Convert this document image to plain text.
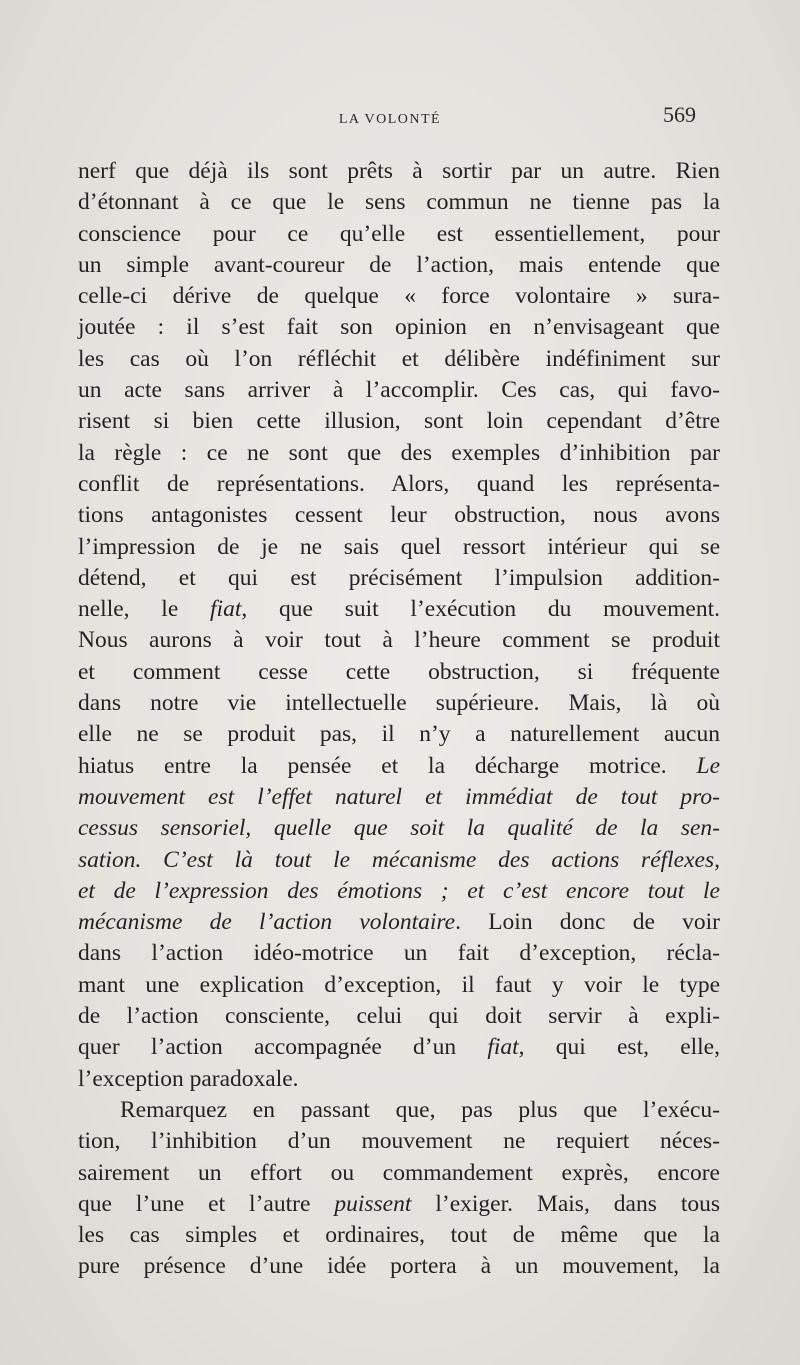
LA VOLONTÉ	569
nerf que déjà ils sont prêts à sortir par un autre. Rien
d’étonnant à ce que le sens commun ne tienne pas la
conscience pour ce qu’elle est essentiellement, pour
un simple avant-coureur de l’action, mais entende que
celle-ci dérive de quelque « force volontaire » sura-
joutée : il s’est fait son opinion en n’envisageant que
les cas où l’on réfléchit et délibère indéfiniment sur
un acte sans arriver à l’accomplir. Ces cas, qui favo-
risent si bien cette illusion, sont loin cependant d’être
la règle : ce ne sont que des exemples d’inhibition par
conflit de représentations. Alors, quand les représenta-
tions antagonistes cessent leur obstruction, nous avons
l’impression de je ne sais quel ressort intérieur qui se
détend, et qui est précisément l’impulsion addition-
nelle, le fiat, que suit l’exécution du mouvement.
Nous aurons à voir tout à l’heure comment se produit
et comment cesse cette obstruction, si fréquente
dans notre vie intellectuelle supérieure. Mais, là où
elle ne se produit pas, il n’y a naturellement aucun
hiatus entre la pensée et la décharge motrice. Le
mouvement est l’effet naturel et immédiat de tout pro-
cessus sensoriel, quelle que soit la qualité de la sen-
sation. C’est là tout le mécanisme des actions réflexes,
et de l’expression des émotions ; et c’est encore tout le
mécanisme de l’action volontaire. Loin donc de voir
dans l’action idéo-motrice un fait d’exception, récla-
mant une explication d’exception, il faut y voir le type
de l’action consciente, celui qui doit servir à expli-
quer l’action accompagnée d’un fiat, qui est, elle,
l’exception paradoxale.
Remarquez en passant que, pas plus que l’exécu-
tion, l’inhibition d’un mouvement ne requiert néces-
sairement un effort ou commandement exprès, encore
que l’une et l’autre puissent l’exiger. Mais, dans tous
les cas simples et ordinaires, tout de même que la
pure présence d’une idée portera à un mouvement, la
